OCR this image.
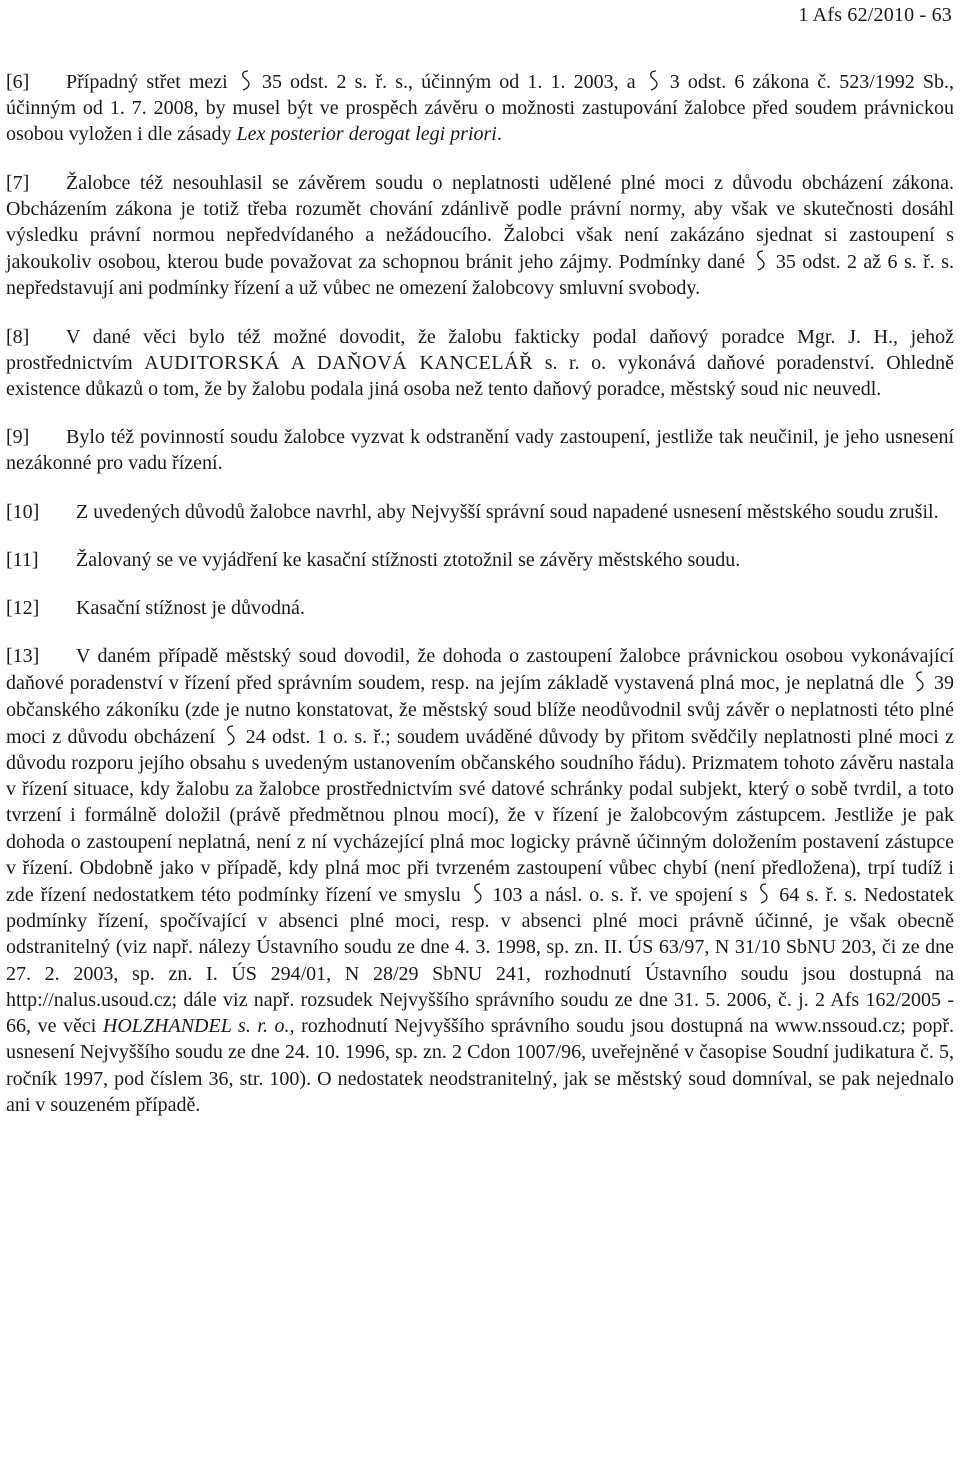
1 Afs 62/2010 - 63

[6] Případný střet mezi  35 odst. 2 s. ř. s., účinným od 1. 1. 2003, a  3 odst. 6 zákona č. 523/1992 Sb., účinným od 1. 7. 2008, by musel být ve prospěch závěru o možnosti zastupování žalobce před soudem právnickou osobou vyložen i dle zásady Lex posterior derogat legi priori.

[7] Žalobce též nesouhlasil se závěrem soudu o neplatnosti udělené plné moci z důvodu obcházení zákona. Obcházením zákona je totiž třeba rozumět chování zdánlivě podle právní normy, aby však ve skutečnosti dosáhl výsledku právní normou nepředvídaného a nežádoucího. Žalobci však není zakázáno sjednat si zastoupení s jakoukoliv osobou, kterou bude považovat za schopnou bránit jeho zájmy. Podmínky dané  35 odst. 2 až 6 s. ř. s. nepředstavují ani podmínky řízení a už vůbec ne omezení žalobcovy smluvní svobody.

[8] V dané věci bylo též možné dovodit, že žalobu fakticky podal daňový poradce Mgr. J. H., jehož prostřednictvím AUDITORSKÁ A DAŇOVÁ KANCELÁŘ s. r. o. vykonává daňové poradenství. Ohledně existence důkazů o tom, že by žalobu podala jiná osoba než tento daňový poradce, městský soud nic neuvedl.

[9] Bylo též povinností soudu žalobce vyzvat k odstranění vady zastoupení, jestliže tak neučinil, je jeho usnesení nezákonné pro vadu řízení.

[10] Z uvedených důvodů žalobce navrhl, aby Nejvyšší správní soud napadené usnesení městského soudu zrušil.

[11] Žalovaný se ve vyjádření ke kasační stížnosti ztotožnil se závěry městského soudu.

[12] Kasační stížnost je důvodná.

[13] V daném případě městský soud dovodil, že dohoda o zastoupení žalobce právnickou osobou vykonávající daňové poradenství v řízení před správním soudem, resp. na jejím základě vystavená plná moc, je neplatná dle  39 občanského zákoníku (zde je nutno konstatovat, že městský soud blíže neodůvodnil svůj závěr o neplatnosti této plné moci z důvodu obcházení  24 odst. 1 o. s. ř.; soudem uváděné důvody by přitom svědčily neplatnosti plné moci z důvodu rozporu jejího obsahu s uvedeným ustanovením občanského soudního řádu). Prizmatem tohoto závěru nastala v řízení situace, kdy žalobu za žalobce prostřednictvím své datové schránky podal subjekt, který o sobě tvrdil, a toto tvrzení i formálně doložil (právě předmětnou plnou mocí), že v řízení je žalobcovým zástupcem. Jestliže je pak dohoda o zastoupení neplatná, není z ní vycházející plná moc logicky právně účinným doložením postavení zástupce v řízení. Obdobně jako v případě, kdy plná moc při tvrzeném zastoupení vůbec chybí (není předložena), trpí tudíž i zde řízení nedostatkem této podmínky řízení ve smyslu  103 a násl. o. s. ř. ve spojení s  64 s. ř. s. Nedostatek podmínky řízení, spočívající v absenci plné moci, resp. v absenci plné moci právně účinné, je však obecně odstranitelný (viz např. nálezy Ústavního soudu ze dne 4. 3. 1998, sp. zn. II. ÚS 63/97, N 31/10 SbNU 203, či ze dne 27. 2. 2003, sp. zn. I. ÚS 294/01, N 28/29 SbNU 241, rozhodnutí Ústavního soudu jsou dostupná na http://nalus.usoud.cz; dále viz např. rozsudek Nejvyššího správního soudu ze dne 31. 5. 2006, č. j. 2 Afs 162/2005 - 66, ve věci HOLZHANDEL s. r. o., rozhodnutí Nejvyššího správního soudu jsou dostupná na www.nssoud.cz; popř. usnesení Nejvyššího soudu ze dne 24. 10. 1996, sp. zn. 2 Cdon 1007/96, uveřejněné v časopise Soudní judikatura č. 5, ročník 1997, pod číslem 36, str. 100). O nedostatek neodstranitelný, jak se městský soud domníval, se pak nejednalo ani v souzeném případě.
